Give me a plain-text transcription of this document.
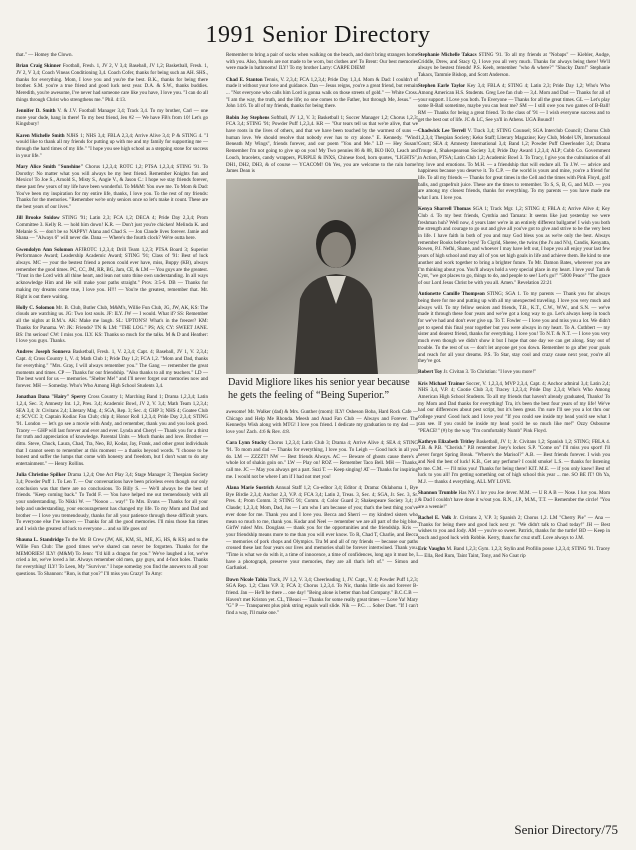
1991 Senior Directory

that." — Homey the Clown.

Brian Craig Skinner Football, Fresh. 1, JV 2, V 3,4; Baseball, JV 1,2; Basketball, Fresh. 1, JV 2, V 3,4; Coach Vineas Conditioning 3,4. Coach Cofer, thanks for being such an AH. SHS., thanks for everything. Mom, I love you and you're the best. B.K., thanks for being there brother. S.M. you're a true friend and good luck next year. D.A. & S.W., thanks buddies. Meredith, you're awesome, I've never had someone care like you have, I love you. "I can do all things through Christ who strengthens me." Phil. 4:13.

Jennifer D. Smith V. & J.V. Football Manager 3,4; Track 3,4. To my brother, Carl — one more year dude, hang in there! To my best friend, Jen #2 — We have FB's from 10! Let's go Kingsbury!

Karen Michelle Smith NJHS 1; NHS 3,4; FBLA 2,3,4; Arrive Alive 3,4; P & STING 4. "I would like to thank all my friends for putting up with me and my family for supporting me — through the hard times of my life." "I hope you see high school as a stepping stone for success in your life."

Mary Alice Smith "Sunshine" Chorus 1,2,3,4; ROTC 1,2; PTSA 1,2,3,4; STING '91. To Dorothy: No matter what you will always be my best friend. Remember Knights fun and Mexico! To Joe S., Arnold S., Misty S., Angie V., & Jason C.: I hope we stay friends forever, these past few years of my life have been wonderful. To M&M: You owe me. To Mom & Dad: You've been my inspiration for my entire life, thanks, I love you. To the rest of my friends: Thanks for the memories. "Remember we're only seniors once so let's make it count. These are the best years of our lives."

Jill Brooke Snidow STING '91; Latin 2,3; FCA 1,2; DECA 4; Pride Day 2,3,4; Prom Committee 3. Kelly R. — hold him down! K.R. — Don't just you're chicken! Melinda K. and Melanie S. — don't be so NAPPY! Alana and Chad S. — Jon Claude lives forever. Jamie and Shana — "Always 6" will never die. Dana — Where's the fourth clock? We're outta here.

Gwendolyn Ann Solomon AFJROTC 1,2,3,4; Drill Team 1,2,3; PTSA Board 3; Superior Performance Award; Leadership Academic Award; STING '91; Class of '91: Best of luck always. MC — your the bestest friend a person could ever have, miss, Buppy (KB), always remember the good times. PC, CC, JM, RR, BG, Jam, CE, & LM — You guys are the greatest. "Trust in the Lord with all thine heart, and lean not unto thine own understanding. In all ways acknowledge Him and He will make your paths straight." Prov. 3:5-6. DB — Thanks for making my dreams come true, I love you. H!!! — You're the greatest, remember that. Mr. Right is out there waiting.

Holly C. Solomon Mr. B. Club, Butler Club, M&M's, Willie Fun Club, JG, JW, AK, KS: The clouds are watching us. JG: Two lost souls. JF: ILY. JW — I would. What if? SS: Remember all the nights at B.M.'s. AK: Make me laugh. SL: UPTON'S! What's in the freezer? KM: Thanks for Panama. W: JK: Friends? TN & LM: "THE LOG." PS; AS; CY: SWEET JANE. BS: I'm serious! CW: I miss you. ILY. KS: Thanks so much for the talks. M & D and Heather: I love you guys. Thanks.

Andrew Joseph Sonneva Basketball, Fresh. 1, V. 2,3,4; Capt. 4; Baseball, JV 1, V. 2,3,4; Capt. 4; Cross Country 1, V. 4; Math Club 1; Pride Day 1,2; FCA 1,2. "Mom and Dad, thanks for everything." "Mrs. Gray, I will always remember you." The Gang — remember the great moments and times. CP — Thanks for our friendship. "Also thanks to all my teachers." LD — The best word for us — memories. "Shelter Me!" and I'll never forget our memories now and forever. MH — Someday. Who's Who Among High School Students 3,4.

Jonathan Dana "Hairy" Sperry Cross Country 1; Marching Band 1; Drama 1,2,3,4; Latin 1,2,4, Sec. 3; Amnesty Int. 1,2, Pres. 3,4; Academic Bowl, JV 2, V. 3,4; Math Team 1,2,3,4; SEA 3,4; Jr. Civitans 2,4; Literary Mag. 4; SGA, Rep. 3; Sec. 4; GHP 3; NHS 4; Goatee Club 4; SCVCC 3; Captain Kodiac Fan Club; chip 4; Honor Roll 1,2,3,4; Pride Day 2,3,4; STING '91. London — let's go see a movie with Andy, and remember, thank you and you look good. Tracey — GHP will last forever and ever and ever. Lynda and Cheryl — Thank you for a thirst for truth and appreciation of knowledge. Parental Units — Much thanks and love. Brother — ditto. Steve, Chuck, Laura, Chad, Tra, Neo, BJ, Kodar, Jay, Frank, and other great individuals that I cannot seem to remember at this moment — a thanks beyond words. "I choose to be honest and suffer the lumps that come with honesty and freedom, but I don't want to do any entertainment." — Henry Rollins.

Julia Christine Spilker Drama 1,2,4; One Act Play 3,4; Stage Manager 3; Thespian Society 3,4; Powder Puff 1. To Len T. — Our conversations have been priceless even though our only conclusion was that there are no conclusions. To Billy S. — We'll always be the best of friends. "Keep coming back." To Todd F. — You have helped me out tremendously with all your understanding. To Nikki W. — "Noooo ... way!" To Mrs. Evans — Thanks for all your help and understanding, your encouragement has changed my life. To my Mom and Dad and brother — I love you tremendously, thanks for all your patience through these difficult years. To everyone else I've known — Thanks for all the good memories. I'll miss those fun times and I wish the greatest of luck to everyone ... and so life goes on!

Shauna L. Standridge To the Mr. B Crew (JW, AK, KM, SL, ME, JG, HS, & KS) and to the Willie Fun Club: The good times we've shared can never be forgotten. Thanks for the MEMORIES! ILY! (M&M) To Jenn: "I'd kill a dragon for you." We've laughed a lot, we've cried a lot, we've loved a lot. Always remember old men, gay guys, and 4-foot holes. Thanks for everything! ILY! To Leen, My "Survivor." I hope someday you find the answers to all your questions. To Shannon: "Ron, is that you?" I'll miss you Crazy! To Amy:

Remember to bring a pair of socks when walking on the beach, and don't bring strangers home with you. Also, funnels are not made to be worn, but clothes are! To Brent: Our best memories were made in bathrooms! ILY! To my brother Larry: CARPE DIEM!

Chad E. Stanton Tennis, V. 2,3,4; FCA 1,2,3,4; Pride Day 1,3,4. Mom & Dad: I couldn't of made it without your love and guidance. Dan — Jesus reigns, you're a great friend, but remain ... "Not everyone who calls him Lord is gonna walk on those streets of gold." — White Cross. "I am the way, the truth, and the life; no one comes to the Father, but through Me, Jesus." — John 14:6. To all of my friends, thanks for being there.

Robin Joy Stephens Softball, JV 1,2, V. 3; Basketball 1; Soccer Manager 1,2; Chorus 1,2,3; FCA 3,4; STING '91; Powder Puff 1,2,3,4. KR — "Our tears tell us that we're alive, that we have roots in the lives of others, and that we have been touched by the warmest of suns — human love. We should resolve that nobody ever has to cry alone." E. Kennedy. "Wind Beneath My Wings", friends forever, and our poem "You and Me." LD — Hey Susan! Remember I'm not going to give up on you! My Two pennies 86 & 88, IKO IKO, Leach and Louch, bracelets, candy wrappers, PURPLE & INXS, Chinese food, horn quotes, "LIGHTS", DH1, DH2, DH3, & of course — YCACOM! Oh Yes, you are welcome to the rain home! James Dean is

David Migliore likes his senior year because he gets the feeling of “Being Superior.”

awesome! Mr. Walker (dad) & Mrs. Gunther (mom): ILY! Osheson Boba, Hard Rock Cafe — Chicago and Help Me Rhonda. Meesh and Anad Fan Club — Always and Forever. The Kennedys Wish along with MTG! I love you friend. I dedicate my graduation to my dad — I love you! Zach. 4:6 & Rev. 4:8.

Cara Lynn Stucky Chorus 1,2,3,4; Latin Club 3; Drama 4; Arrive Alive 4; SEA 4; STING '91. To mom and dad — Thanks for everything, I love you. To Leigh — Good luck in all you do. LM — ZZZZT! NW — Best friends Always. AC — Beware of ghosts cause there's a whole lot of shakin goin on." LW — Play on! ROZ — Remember Taco Bell. MH — Thanks, call me. JC — May you always get a part. Suzi T. — Keep singing! AT — Thanks for inspiring me. I would not be where I am if I had not met you!

Alana Marie Sustrich Annual Staff 1,2; Co-editor 3,4; Editor 4; Drama: Oklahoma 1, Bye Bye Birdie 2,3,4; Anchor 2,3, V.P. 4; FCA 3,4; Latin 2, Treas. 3, Sec. 4; SGA, Jr. Sec. 3, Sr. Pres. 4; Prom Comm. 3; STING 91; Comm. 4; Color Guard 2; Shakespeare Society 3,4; J. Claude; 1,2,3,4; Mom, Dad, Jus — I am who I am because of you; that's the best thing you've ever done for me. Thank you and I love you. Becca and Sherri — my kindred sisters who mean so much to me, thank you. Kodar and Neel — remember we are all part of the big blue. GirlW rules! Mrs. Douglass — thank you for the opportunities and the friendship. Kris — your friendship means more to me than you will ever know. To R, Chad T, Charlie, and Becca — memories of pork chops and Olympics. Tra M and all of my friends — because our paths crossed these last four years our lives and memories shall be forever intertwined. Thank you. "Time is what we do with it, a time of innocence, a time of confidences, long ago it must be, I have a photograph, preserve your memories, they are all that's left of." — Simon and Garfunkel.

Dawn Nicole Tabia Track, JV 1,2, V. 3,4; Cheerleading 1, JV. Capt., V. 4; Powder Puff 1,2,3; SGA Rep. 1,2; Class V.P. 3; FCA 3; Chorus 1,2,3,4. To Nic, thanks little sis and forever B-friend. Jan — He'll be there ... one day! "Being alone is better than bad Company." B.C.C.B — Haven't met Kriston yet. CL, TBeaoi — Thanks for some really great times — Love Ya! Mary "G" P — Transparent plus pink string equals wall slide. Nik — P.C. ... Sober Duet. "If I can't find a way, I'll make one."

Stephanie Michelle Takacs STING '91. To all my friends at "Nobaps" — Kiebler, Audge, Criddle, Drew, and Stacy Q, I love you all very much. Thanks for always being there! We'll always be bestest friends! P.S. Keeb, remember "who & where?" "Shucky Darn!" Stephanie Takacs, Tammie Bishop, and Scott Anderson.

Stephen Earle Taylor Key 3,4; FBLA 4; STING 4; Latin 2,3; Pride Day 1,2; Who's Who Among American H.S. Students. Greg Lee fan club — 3,4. Mom and Dad — Thanks for all of your support. I Love you both. To Everyone — Thanks for all the great times. GL — Let's play some B-Ball sometime, maybe you can beat me? SM — I still owe you two games of B-Ball! RM — Thanks for being a great friend. To the class of '91 — I wish everyone success and to get the best out of life. JC & LC, See ya'll in Athens. UGA Bound!!

Chadwick Lee Terrell V. Track 3,4; STING Counsel; SGA Interclub Council; Chorus Club 1,2,3,4; Thespian Society; Keko Staff; Literary Magazine; Key Club, Model UN, International Court; SEA 4; Amnesty International 3,4; Band 1,2; Powder Puff Cheerleader 3,4; Drama Troupe 4, Shakespearean Society 3,4; Pride Day Award 1,2,3,4; ALP; Cobb Co. Government in Action, PTSA; Latin Club 1,2; Academic Bowl 3. To Tracy, I give you the culmination of all my love and emotions. To M.H. — a friendship that will endure all. To J.W. — advice and happiness because you deserve it. To C.P. — the world is yours and mine, you're a friend for life. To all my friends — Thanks for great times in the Cell and the times with Pink Floyd, golf balls, and grapefruit juice. These are the times to remember. To S, S, B, G, and M.D. — you are among my closest friends, thanks for everything. To my parents — you have made me what I am. I love you.

Kenya Sharrell Thomas SGA 1; Track Mgr. 1,2; STING 4; FBLA 4; Arrive Alive 4; Key Club 4. To my best friends, Cynthia and Tamara: It seems like just yesterday we were freshman huh? Well now, 4 years later we're in an entirely different ballgame! I wish you both the strength and courage to go out and give all you've got to give and strive to be the very best in life. I have faith in both of you and may God bless you as we're only the best. Always remember Books before boys! To Cigrid, Sheree, the twins (the J's and N's), Candis, Kenyatta, Rowen, P.J. Nefhi, Shane, and whoever I may have left out, I hope you all enjoy your last few years of high school and may all of you set high goals in life and achieve them. Be kind to one another and work together to bring a brighter future. To Mr. Damon Bates, wherever you are I'm thinking about you. You'll always hold a very special place in my heart. I love you! Tam & Cynt, "we got places to go, things to do, and people to see! Let's go!" "5000 Peace" "The grace of our Lord Jesus Christ be with you all. Amen." Revelation 22:21

Antionette Camille Thompson STING; SGA 1. To my parents — Thank you for always being there for me and putting up with all my unexpected traveling. I love you very much and always will. To my fellow seniors and friends, T.B., K.T., C.W., W.W., and S.N. — we've made it through these four years and we've got a long way to go. Let's always keep in touch for we've had and don't ever give up. To T. Fowler — I love you and miss you a lot. We didn't get to spend this final year together but you were always in my heart. To A. Cuthbert — my sister and dearest friend, thanks for everything. I love you! To N.T. & N.T. — I love you very much even though we didn't show it but I hope that one day we can get along. Stay out of trouble. To the rest of us — don't let anyone get you down. Remember to go after your goals and reach for all your dreams. P.S. To Star, stay cool and crazy cause next year, you're all they've got.

Robert Toy Jr. Civitan 3. To Christian: "I love you more!"

Kris Michael Trainor Soccer, V. 1,2,3,4, MVP 2,3,4, Capt. 4; Anchor admiral 3,4; Latin 2,4; NHS 3,4, V.P. 4; Cootie Club 3,4; Tracey 1,2,3,4; Pride Day 2,3,4; Who's Who Among American High School Students. To all my friends that haven't already graduated, Thanks! To my Mom and Dad thanks for everything! Tra, it's been the best four years of my life! We've had our differences about pest script, but it's been great. I'm sure I'll see you a lot thru our college years! Good luck and I love you! "If you could see inside my head you'd see what I can see. If you could be inside my head you'd be so much like me!" Ozzy Osbourne "PEACE!" (#) by the way "I'm comfortably Numb" Pink Floyd.

Kathryn Elizabeth Tritley Basketball, JV 1; Jr. Civitans 1,2; Spanish 1,2; STING; FBLA 4. T.B. & P.B. "Cherish." P.B remember Joey's locker. S.P. "Come on" I'll miss you sport! I'll never forget Spring Break. "Where's the Marisol?" A.B. — Best friends forever. I wish you and Neil the best of luck! K.B., Get any perfume? I could smoke! L.S. — thanks for listening to me. C.M. — I'll miss you! Thanks for being there! KIT. M.E. — if you only knew! Best of luck to you all! I'm getting something out of high school this year ... me. SO BE IT! Oh Ya, M.J. — thanks 4 everything. ALL MY LOVE.

Shannon Trumble Has NY. I luv you Joe 4ever. M.M. — U R A B — Nose. I luv you. Mom & Dad I couldn't have done it w/out you. R.N., J.P., M.M., T.T. — Remember the circle! "You are a weenie!"

Rachel E. Volk Jr. Civitans 2, V.P. 3; Spanish 2; Chorus 1,2. LM "Cherry Pie" — Ana — Thanks for being there and good luck next yr. "We didn't talk to Chad today!" JH — Best wishes to you and Jody. AM — you're so sweet. Patrick, thanks for the turtle! BD — Keep in touch and good luck with Robbie. Kerry, thanx for cruz stuff. Love always to J.M.

Eric Vaughn M. Band 1,2,3; Gym. 1,2,3; Stylin and Profilin posse 1,2,3,4; STING '91. Tracey — Ella, Red Rum, Taint Taint, Tony, and No Coat rip

Senior Directory/75
